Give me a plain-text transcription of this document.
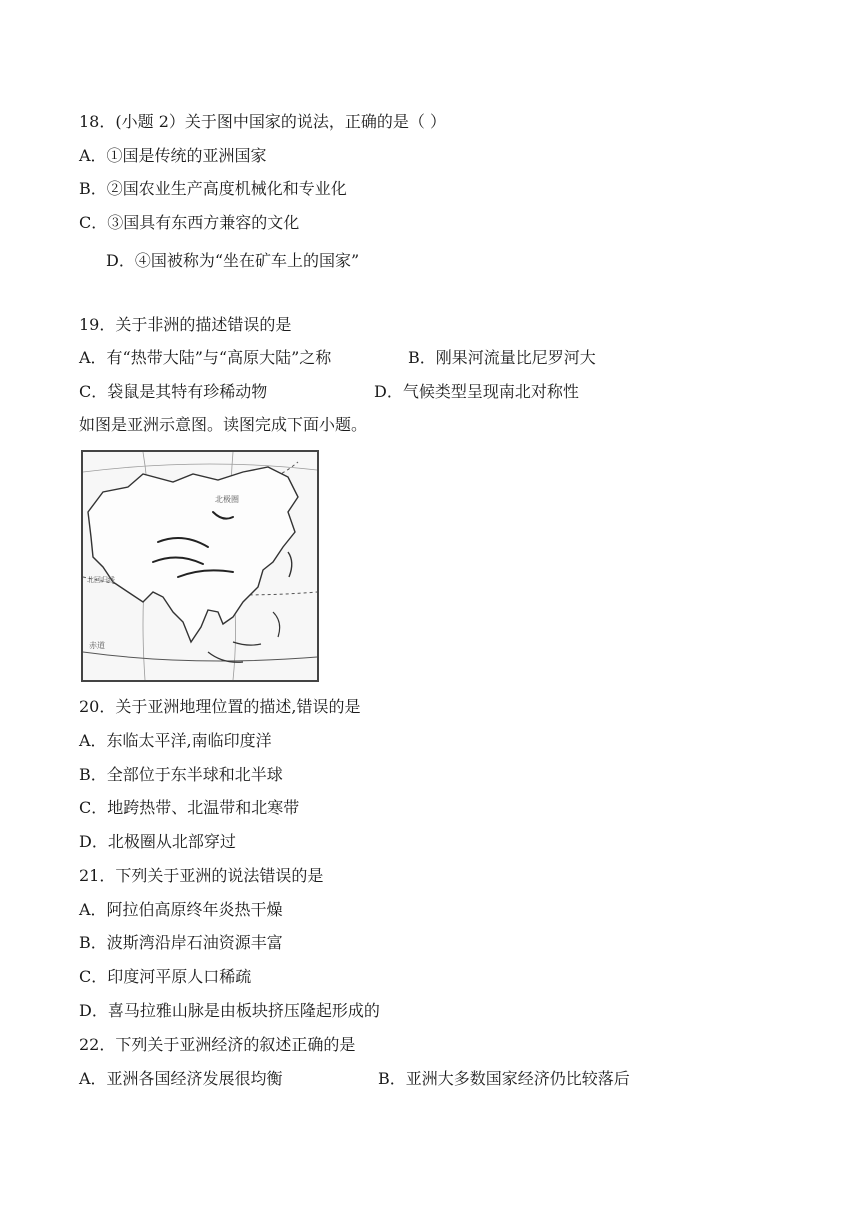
18．(小题 2）关于图中国家的说法，正确的是（ ）
A．①国是传统的亚洲国家
B．②国农业生产高度机械化和专业化
C．③国具有东西方兼容的文化
D．④国被称为“坐在矿车上的国家”
19．关于非洲的描述错误的是
A．有“热带大陆”与“高原大陆”之称	B．刚果河流量比尼罗河大
C．袋鼠是其特有珍稀动物	D．气候类型呈现南北对称性
如图是亚洲示意图。读图完成下面小题。
北极圈
北回归线
赤道
20．关于亚洲地理位置的描述,错误的是
A．东临太平洋,南临印度洋
B．全部位于东半球和北半球
C．地跨热带、北温带和北寒带
D．北极圈从北部穿过
21．下列关于亚洲的说法错误的是
A．阿拉伯高原终年炎热干燥
B．波斯湾沿岸石油资源丰富
C．印度河平原人口稀疏
D．喜马拉雅山脉是由板块挤压隆起形成的
22．下列关于亚洲经济的叙述正确的是
A．亚洲各国经济发展很均衡	B．亚洲大多数国家经济仍比较落后
